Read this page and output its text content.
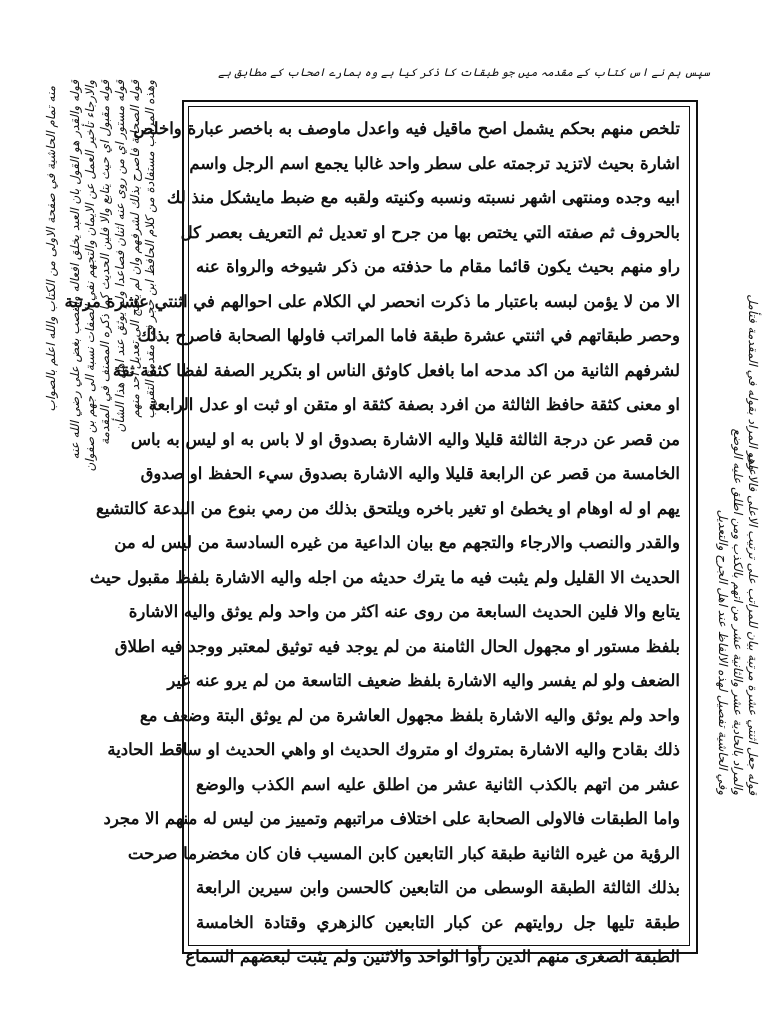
سپس ہم نے اس کتاب کے مقدمہ میں جو طبقات کا ذکر کیا ہے وہ ہمارے اصحاب کے مطابق ہے
تلخص منهم بحكم يشمل اصح ماقيل فيه واعدل ماوصف به باخصر عبارة واخلص
اشارة بحيث لاتزيد ترجمته على سطر واحد غالبا يجمع اسم الرجل واسم
ابيه وجده ومنتهى اشهر نسبته ونسبه وكنيته ولقبه مع ضبط مايشكل منذ لك
بالحروف ثم صفته التي يختص بها من جرح او تعديل ثم التعريف بعصر كل
راو منهم بحيث يكون قائما مقام ما حذفته من ذكر شيوخه والرواة عنه
الا من لا يؤمن لبسه باعتبار ما ذكرت انحصر لي الكلام على احوالهم في اثنتي عشرة مرتبة
وحصر طبقاتهم في اثنتي عشرة طبقة فاما المراتب فاولها الصحابة فاصرح بذلك
لشرفهم الثانية من اكد مدحه اما بافعل كاوثق الناس او بتكرير الصفة لفظا كثقة ثقة
او معنى كثقة حافظ الثالثة من افرد بصفة كثقة او متقن او ثبت او عدل الرابعة
من قصر عن درجة الثالثة قليلا واليه الاشارة بصدوق او لا باس به او ليس به باس
الخامسة من قصر عن الرابعة قليلا واليه الاشارة بصدوق سيء الحفظ او صدوق
يهم او له اوهام او يخطئ او تغير باخره ويلتحق بذلك من رمي بنوع من البدعة كالتشيع
والقدر والنصب والارجاء والتجهم مع بيان الداعية من غيره السادسة من ليس له من
الحديث الا القليل ولم يثبت فيه ما يترك حديثه من اجله واليه الاشارة بلفظ مقبول حيث
يتابع والا فلين الحديث السابعة من روى عنه اكثر من واحد ولم يوثق واليه الاشارة
بلفظ مستور او مجهول الحال الثامنة من لم يوجد فيه توثيق لمعتبر ووجد فيه اطلاق
الضعف ولو لم يفسر واليه الاشارة بلفظ ضعيف التاسعة من لم يرو عنه غير
واحد ولم يوثق واليه الاشارة بلفظ مجهول العاشرة من لم يوثق البتة وضعف مع
ذلك بقادح واليه الاشارة بمتروك او متروك الحديث او واهي الحديث او ساقط الحادية
عشر من اتهم بالكذب الثانية عشر من اطلق عليه اسم الكذب والوضع
واما الطبقات فالاولى الصحابة على اختلاف مراتبهم وتمييز من ليس له منهم الا مجرد
الرؤية من غيره الثانية طبقة كبار التابعين كابن المسيب فان كان مخضرما صرحت
بذلك الثالثة الطبقة الوسطى من التابعين كالحسن وابن سيرين الرابعة
طبقة تليها جل روايتهم عن كبار التابعين كالزهري وقتادة الخامسة
الطبقة الصغرى منهم الذين رأوا الواحد والاثنين ولم يثبت لبعضهم السماع
قوله جعل اثنتي عشرة مرتبة بيان للمراتب على ترتيب الاعلى فالاعلى
والمراد بالحادية عشر والثانية عشر من اتهم بالكذب ومن اطلق عليه الوضع
وفي الحاشية تفصيل لهذه الالفاظ عند اهل الجرح والتعديل
قوله والقدر هو القول بان العبد يخلق افعاله والنصب بغض علي رضي الله عنه والارجاء تأخير العمل عن الايمان والتجهم نفي الصفات نسبة الى جهم بن صفوان قوله مقبول اي حيث يتابع والا فلين الحديث كما ذكره المصنف في المقدمة قوله مستور اي من روى عنه اثنان فصاعدا ولم يوثق عند اهل هذا الشأن قوله الصحابة فاصرح بذلك لشرفهم وان لم يحتج الى تعديل احد منهم وهذه المراتب مستفادة من كلام الحافظ ابن حجر في مقدمة التقريب
منه تمام الحاشية في صفحة الاولى من الكتاب والله اعلم بالصواب	وهو المراد بقوله في المقدمة فتأمل
